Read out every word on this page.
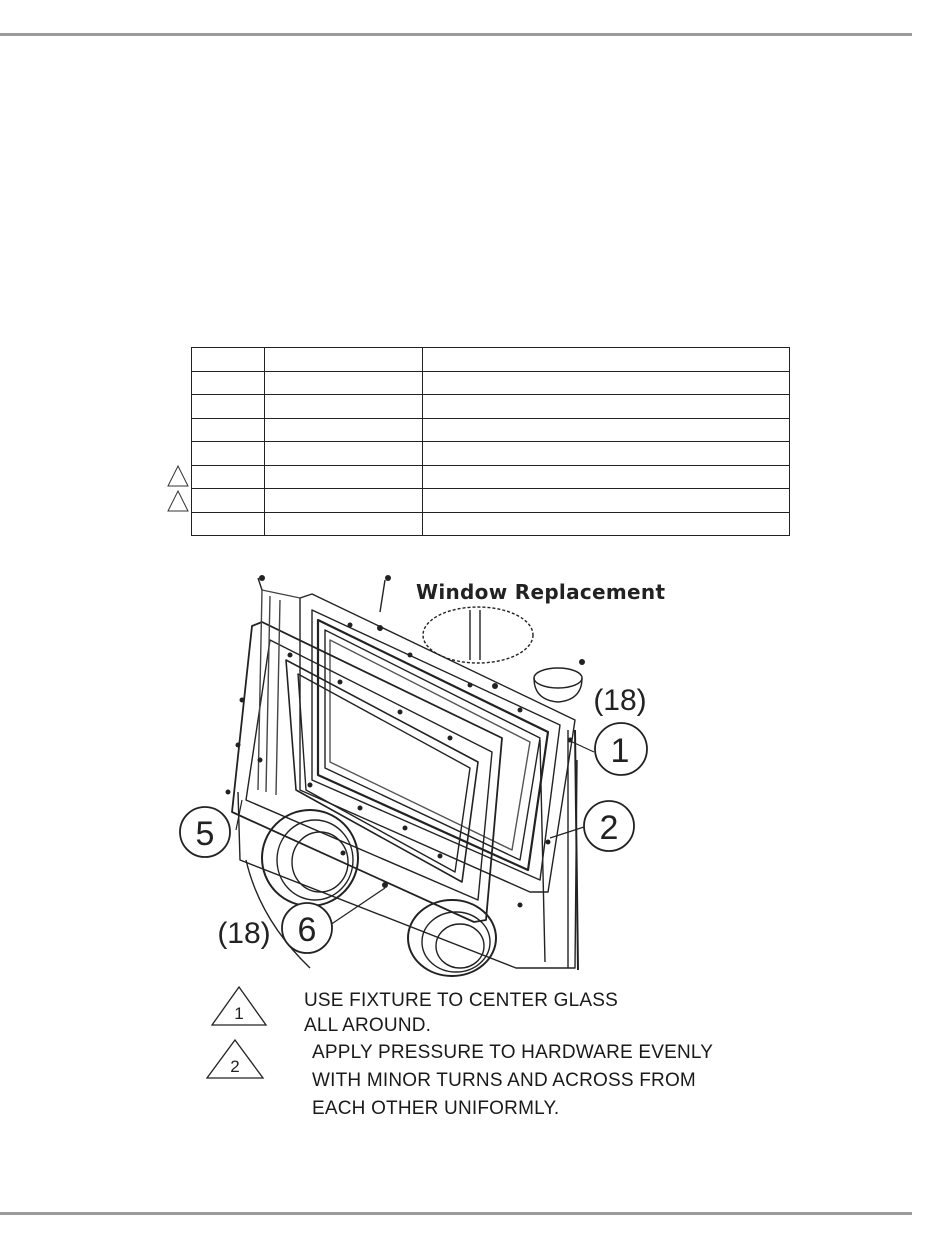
1
2
5
6
(18)
(18)
Window Replacement
1
USE FIXTURE TO CENTER GLASS
ALL AROUND.
2
APPLY PRESSURE TO HARDWARE EVENLY
WITH MINOR TURNS AND ACROSS FROM
EACH OTHER UNIFORMLY.
